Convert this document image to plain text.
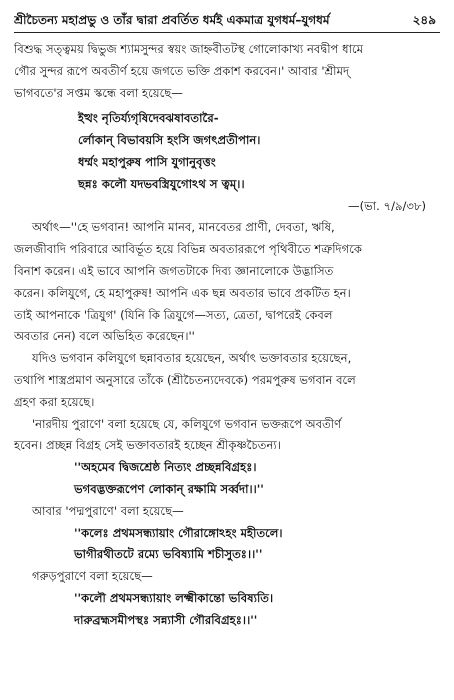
শ্রীচৈতন্য মহাপ্রভু ও তাঁর দ্বারা প্রবর্তিত ধর্মই একমাত্র যুগধর্ম–যুগধর্ম	২৪৯

বিশুদ্ধ সত্ত্বময় দ্বিভুজ শ্যামসুন্দর স্বয়ং জাহ্নবীতটস্থ গোলোকাখ্য নবদ্বীপ ধামে
গৌর সুন্দর রূপে অবতীর্ণ হয়ে জগতে ভক্তি প্রকাশ করবেন।' আবার 'শ্রীমদ্
ভাগবতে'র সপ্তম স্কন্ধে বলা হয়েছে—

ইত্থং নৃতির্য্যগৃষিদেবঝষাবতারৈ-
র্লোকান্ বিভাবয়সি হংসি জগৎপ্রতীপান।
ধর্ম্মং মহাপুরুষ পাসি যুগানুবৃত্তং
ছন্নঃ কলৌ যদভবস্ত্রিযুগোঽথ স ত্বম্।।

—(ভা. ৭/৯/৩৮)

অর্থাৎ—''হে ভগবান! আপনি মানব, মানবেতর প্রাণী, দেবতা, ঋষি,
জলজীবাদি পরিবারে আবির্ভূত হয়ে বিভিন্ন অবতাররূপে পৃথিবীতে শত্রুদিগকে
বিনাশ করেন। এই ভাবে আপনি জগতটাকে দিব্য জ্ঞানালোকে উদ্ভাসিত
করেন। কলিযুগে, হে মহাপুরুষ! আপনি এক ছন্ন অবতার ভাবে প্রকটিত হন।
তাই আপনাকে 'ত্রিযুগ' (যিনি কি ত্রিযুগে—সত্য, ত্রেতা, দ্বাপরেই কেবল
অবতার নেন) বলে অভিহিত করেছেন।''

যদিও ভগবান কলিযুগে ছন্নাবতার হয়েছেন, অর্থাৎ ভক্তাবতার হয়েছেন,
তথাপি শাস্ত্রপ্রমাণ অনুসারে তাঁকে (শ্রীচৈতন্যদেবকে) পরমপুরুষ ভগবান বলে
গ্রহণ করা হয়েছে।

'নারদীয় পুরাণে' বলা হয়েছে যে, কলিযুগে ভগবান ভক্তরূপে অবতীর্ণ
হবেন। প্রচ্ছন্ন বিগ্রহ সেই ভক্তাবতারই হচ্ছেন শ্রীকৃষ্ণচৈতন্য।

''অহমেব দ্বিজশ্রেষ্ঠ নিত্যং প্রচ্ছন্নবিগ্রহঃ।
ভগবদ্ভক্তরূপেণ লোকান্ রক্ষামি সর্ব্বদা।।''

আবার 'পদ্মপুরাণে' বলা হয়েছে—

''কলেঃ প্রথমসন্ধ্যায়াং গৌরাঙ্গোঽহং মহীতলে।
ভাগীরথীতটে রম্যে ভবিষ্যামি শচীসুতঃ।।''

গরুড়পুরাণে বলা হয়েছে—

''কলৌ প্রথমসন্ধ্যায়াং লক্ষ্মীকান্তো ভবিষ্যতি।
দারুব্রহ্মসমীপস্থঃ সন্ন্যাসী গৌরবিগ্রহঃ।।''
